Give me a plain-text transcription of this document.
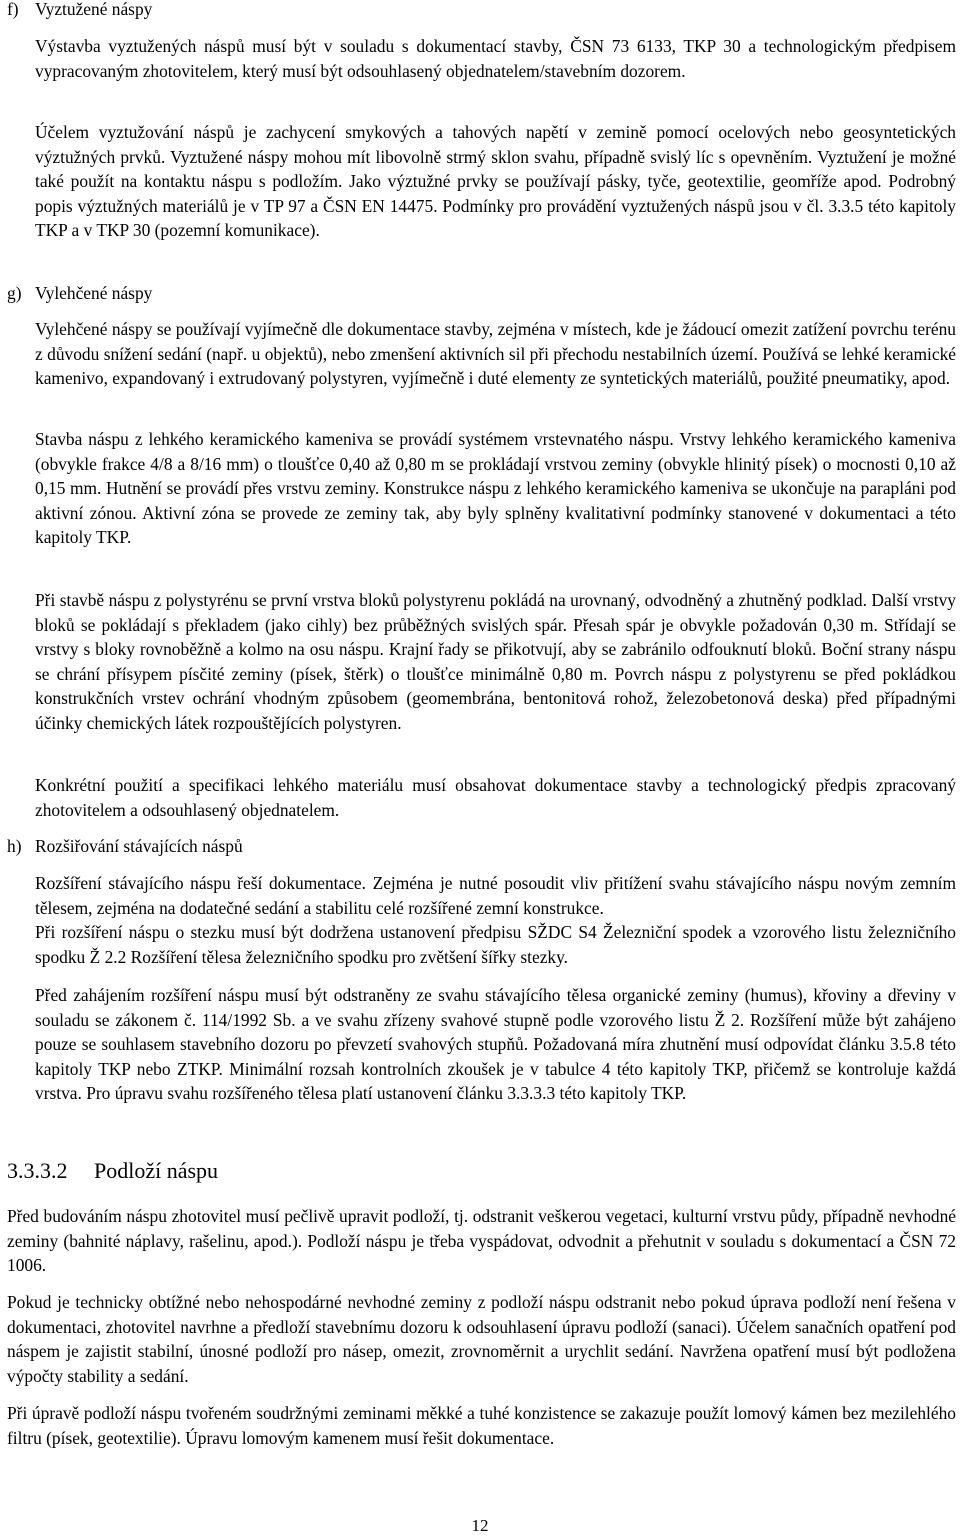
f) Vyztužené náspy

Výstavba vyztužených náspů musí být v souladu s dokumentací stavby, ČSN 73 6133, TKP 30 a technologickým předpisem vypracovaným zhotovitelem, který musí být odsouhlasený objednatelem/stavebním dozorem.

Účelem vyztužování náspů je zachycení smykových a tahových napětí v zemině pomocí ocelových nebo geosyntetických výztužných prvků. Vyztužené náspy mohou mít libovolně strmý sklon svahu, případně svislý líc s opevněním. Vyztužení je možné také použít na kontaktu náspu s podložím. Jako výztužné prvky se používají pásky, tyče, geotextilie, geomříže apod. Podrobný popis výztužných materiálů je v TP 97 a ČSN EN 14475. Podmínky pro provádění vyztužených náspů jsou v čl. 3.3.5 této kapitoly TKP a v TKP 30 (pozemní komunikace).

g) Vylehčené náspy

Vylehčené náspy se používají vyjímečně dle dokumentace stavby, zejména v místech, kde je žádoucí omezit zatížení povrchu terénu z důvodu snížení sedání (např. u objektů), nebo zmenšení aktivních sil při přechodu nestabilních území. Používá se lehké keramické kamenivo, expandovaný i extrudovaný polystyren, vyjímečně i duté elementy ze syntetických materiálů, použité pneumatiky, apod.

Stavba náspu z lehkého keramického kameniva se provádí systémem vrstevnatého náspu. Vrstvy lehkého keramického kameniva (obvykle frakce 4/8 a 8/16 mm) o tloušťce 0,40 až 0,80 m se prokládají vrstvou zeminy (obvykle hlinitý písek) o mocnosti 0,10 až 0,15 mm. Hutnění se provádí přes vrstvu zeminy. Konstrukce náspu z lehkého keramického kameniva se ukončuje na parapláni pod aktivní zónou. Aktivní zóna se provede ze zeminy tak, aby byly splněny kvalitativní podmínky stanovené v dokumentaci a této kapitoly TKP.

Při stavbě náspu z polystyrénu se první vrstva bloků polystyrenu pokládá na urovnaný, odvodněný a zhutněný podklad. Další vrstvy bloků se pokládají s překladem (jako cihly) bez průběžných svislých spár. Přesah spár je obvykle požadován 0,30 m. Střídají se vrstvy s bloky rovnoběžně a kolmo na osu náspu. Krajní řady se přikotvují, aby se zabránilo odfouknutí bloků. Boční strany náspu se chrání přísypem písčité zeminy (písek, štěrk) o tloušťce minimálně 0,80 m. Povrch náspu z polystyrenu se před pokládkou konstrukčních vrstev ochrání vhodným způsobem (geomembrána, bentonitová rohož, železobetonová deska) před případnými účinky chemických látek rozpouštějících polystyren.

Konkrétní použití a specifikaci lehkého materiálu musí obsahovat dokumentace stavby a technologický předpis zpracovaný zhotovitelem a odsouhlasený objednatelem.

h) Rozšiřování stávajících náspů

Rozšíření stávajícího náspu řeší dokumentace. Zejména je nutné posoudit vliv přitížení svahu stávajícího náspu novým zemním tělesem, zejména na dodatečné sedání a stabilitu celé rozšířené zemní konstrukce.

Při rozšíření náspu o stezku musí být dodržena ustanovení předpisu SŽDC S4 Železniční spodek a vzorového listu železničního spodku Ž 2.2 Rozšíření tělesa železničního spodku pro zvětšení šířky stezky.

Před zahájením rozšíření náspu musí být odstraněny ze svahu stávajícího tělesa organické zeminy (humus), křoviny a dřeviny v souladu se zákonem č. 114/1992 Sb. a ve svahu zřízeny svahové stupně podle vzorového listu Ž 2. Rozšíření může být zahájeno pouze se souhlasem stavebního dozoru po převzetí svahových stupňů. Požadovaná míra zhutnění musí odpovídat článku 3.5.8 této kapitoly TKP nebo ZTKP. Minimální rozsah kontrolních zkoušek je v tabulce 4 této kapitoly TKP, přičemž se kontroluje každá vrstva. Pro úpravu svahu rozšířeného tělesa platí ustanovení článku 3.3.3.3 této kapitoly TKP.

3.3.3.2	Podloží náspu

Před budováním náspu zhotovitel musí pečlivě upravit podloží, tj. odstranit veškerou vegetaci, kulturní vrstvu půdy, případně nevhodné zeminy (bahnité náplavy, rašelinu, apod.). Podloží náspu je třeba vyspádovat, odvodnit a přehutnit v souladu s dokumentací a ČSN 72 1006.

Pokud je technicky obtížné nebo nehospodárné nevhodné zeminy z podloží náspu odstranit nebo pokud úprava podloží není řešena v dokumentaci, zhotovitel navrhne a předloží stavebnímu dozoru k odsouhlasení úpravu podloží (sanaci). Účelem sanačních opatření pod náspem je zajistit stabilní, únosné podloží pro násep, omezit, zrovnoměrnit a urychlit sedání. Navržena opatření musí být podložena výpočty stability a sedání.

Při úpravě podloží náspu tvořeném soudržnými zeminami měkké a tuhé konzistence se zakazuje použít lomový kámen bez mezilehlého filtru (písek, geotextilie). Úpravu lomovým kamenem musí řešit dokumentace.

12
